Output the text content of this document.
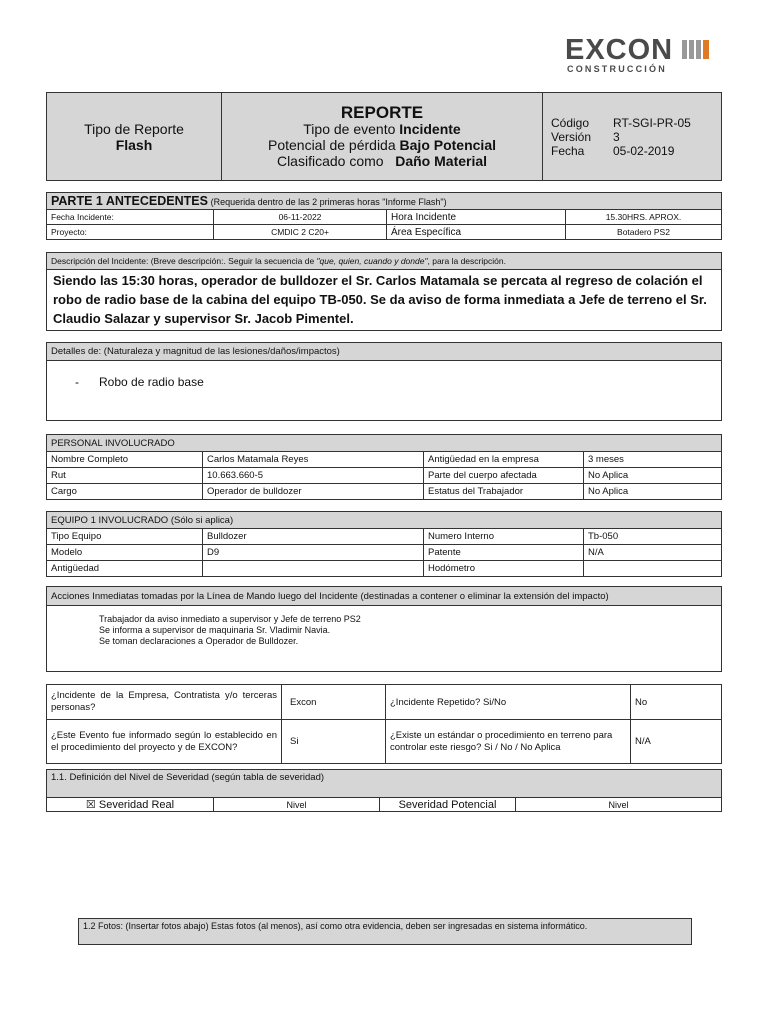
EXCON
CONSTRUCCIÓN
Tipo de Reporte
Flash

REPORTE
Tipo de evento Incidente
Potencial de pérdida Bajo Potencial
Clasificado como Daño Material

Código	RT-SGI-PR-05
Versión	3
Fecha	05-02-2019
PARTE 1 ANTECEDENTES (Requerida dentro de las 2 primeras horas "Informe Flash")
Fecha Incidente:	06-11-2022	Hora Incidente	15.30HRS. APROX.
Proyecto:	CMDIC 2 C20+	Área Específica	Botadero PS2
Descripción del Incidente: (Breve descripción:. Seguir la secuencia de "que, quien, cuando y donde", para la descripción.
Siendo las 15:30 horas, operador de bulldozer el Sr. Carlos Matamala se percata al regreso de colación el robo de radio base de la cabina del equipo TB-050. Se da aviso de forma inmediata a Jefe de terreno el Sr. Claudio Salazar y supervisor Sr. Jacob Pimentel.
Detalles de: (Naturaleza y magnitud de las lesiones/daños/impactos)
- Robo de radio base
PERSONAL INVOLUCRADO
Nombre Completo	Carlos Matamala Reyes	Antigüedad en la empresa	3 meses
Rut	10.663.660-5	Parte del cuerpo afectada	No Aplica
Cargo	Operador de bulldozer	Estatus del Trabajador	No Aplica
EQUIPO 1 INVOLUCRADO (Sólo si aplica)
Tipo Equipo	Bulldozer	Numero Interno	Tb-050
Modelo	D9	Patente	N/A
Antigüedad		Hodómetro	
Acciones Inmediatas tomadas por la Línea de Mando luego del Incidente (destinadas a contener o eliminar la extensión del impacto)
Trabajador da aviso inmediato a supervisor y Jefe de terreno PS2
Se informa a supervisor de maquinaria Sr. Vladimir Navia.
Se toman declaraciones a Operador de Bulldozer.
¿Incidente de la Empresa, Contratista y/o terceras personas?	Excon	¿Incidente Repetido? Si/No	No
¿Este Evento fue informado según lo establecido en el procedimiento del proyecto y de EXCON?	Si	¿Existe un estándar o procedimiento en terreno para controlar este riesgo? Si / No / No Aplica	N/A
1.1. Definición del Nivel de Severidad (según tabla de severidad)
☒ Severidad Real	Nivel	Severidad Potencial	Nivel
1.2 Fotos: (Insertar fotos abajo) Estas fotos (al menos), así como otra evidencia, deben ser ingresadas en sistema informático.
